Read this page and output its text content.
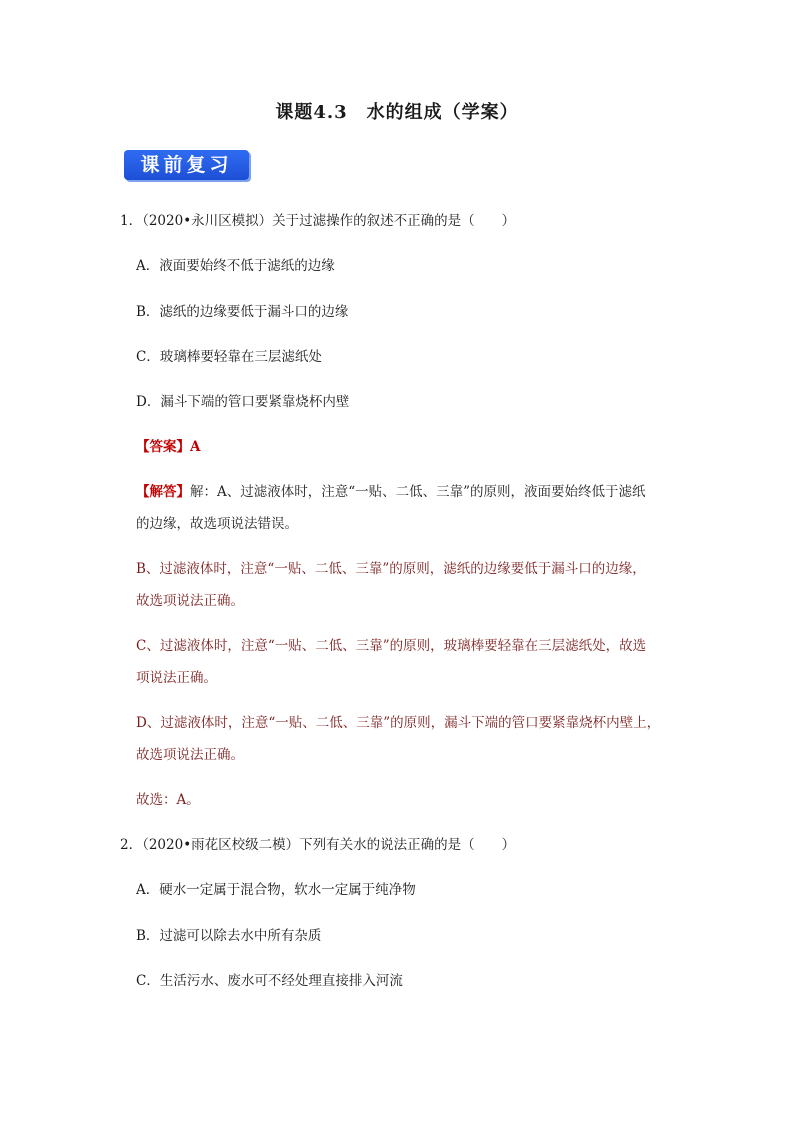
课题4.3　水的组成（学案）
课前复习
1．（2020•永川区模拟）关于过滤操作的叙述不正确的是（　　）
A．液面要始终不低于滤纸的边缘
B．滤纸的边缘要低于漏斗口的边缘
C．玻璃棒要轻靠在三层滤纸处
D．漏斗下端的管口要紧靠烧杯内壁
【答案】A
【解答】解：A、过滤液体时，注意“一贴、二低、三靠”的原则，液面要始终低于滤纸
的边缘，故选项说法错误。
B、过滤液体时，注意“一贴、二低、三靠”的原则，滤纸的边缘要低于漏斗口的边缘，
故选项说法正确。
C、过滤液体时，注意“一贴、二低、三靠”的原则，玻璃棒要轻靠在三层滤纸处，故选
项说法正确。
D、过滤液体时，注意“一贴、二低、三靠”的原则，漏斗下端的管口要紧靠烧杯内壁上，
故选项说法正确。
故选：A。
2．（2020•雨花区校级二模）下列有关水的说法正确的是（　　）
A．硬水一定属于混合物，软水一定属于纯净物
B．过滤可以除去水中所有杂质
C．生活污水、废水可不经处理直接排入河流
